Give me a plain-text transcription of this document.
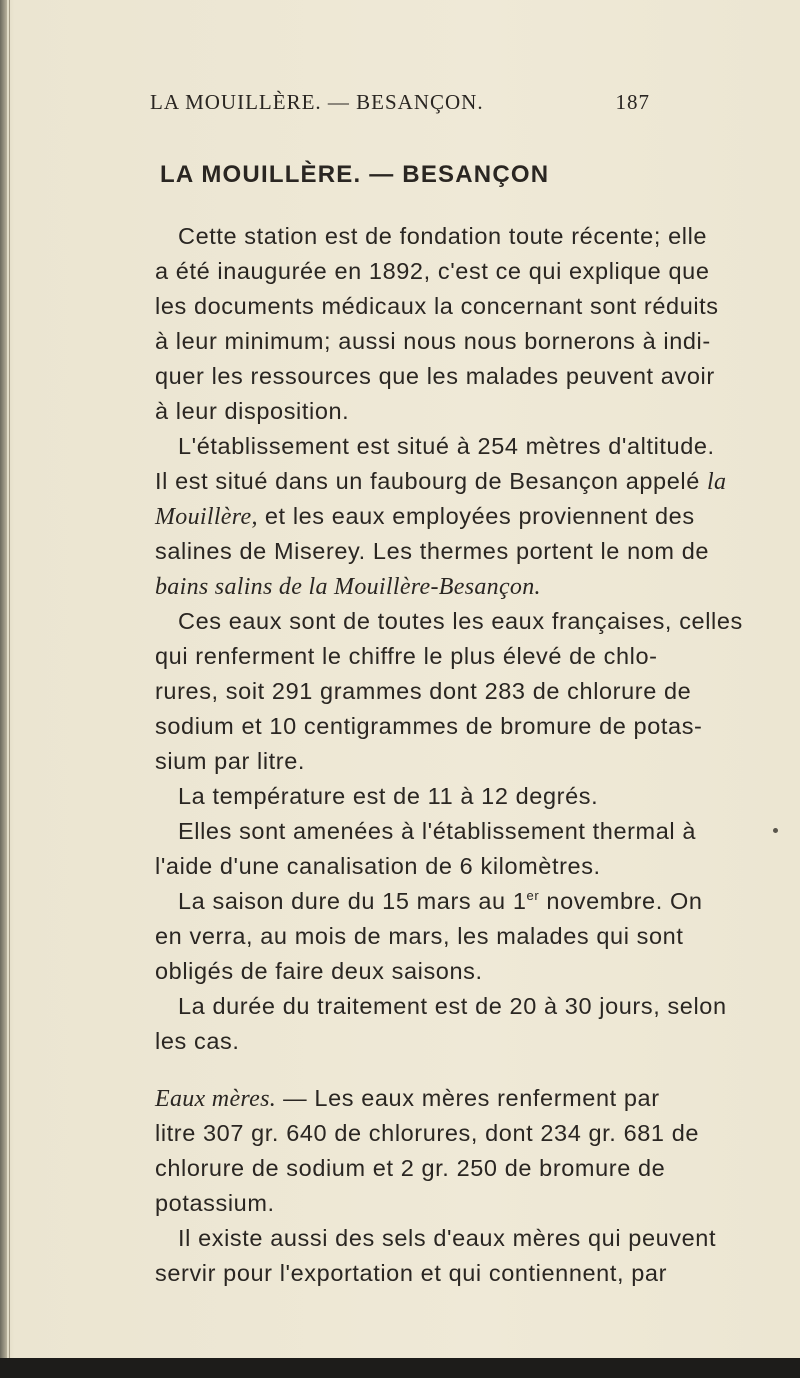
LA MOUILLÈRE. — BESANÇON.	187
LA MOUILLÈRE. — BESANÇON
Cette station est de fondation toute récente; elle
a été inaugurée en 1892, c'est ce qui explique que
les documents médicaux la concernant sont réduits
à leur minimum; aussi nous nous bornerons à indi-
quer les ressources que les malades peuvent avoir
à leur disposition.
L'établissement est situé à 254 mètres d'altitude.
Il est situé dans un faubourg de Besançon appelé la
Mouillère, et les eaux employées proviennent des
salines de Miserey. Les thermes portent le nom de
bains salins de la Mouillère-Besançon.
Ces eaux sont de toutes les eaux françaises, celles
qui renferment le chiffre le plus élevé de chlo-
rures, soit 291 grammes dont 283 de chlorure de
sodium et 10 centigrammes de bromure de potas-
sium par litre.
La température est de 11 à 12 degrés.
Elles sont amenées à l'établissement thermal à
l'aide d'une canalisation de 6 kilomètres.
La saison dure du 15 mars au 1er novembre. On
en verra, au mois de mars, les malades qui sont
obligés de faire deux saisons.
La durée du traitement est de 20 à 30 jours, selon
les cas.
Eaux mères. — Les eaux mères renferment par
litre 307 gr. 640 de chlorures, dont 234 gr. 681 de
chlorure de sodium et 2 gr. 250 de bromure de
potassium.
Il existe aussi des sels d'eaux mères qui peuvent
servir pour l'exportation et qui contiennent, par
